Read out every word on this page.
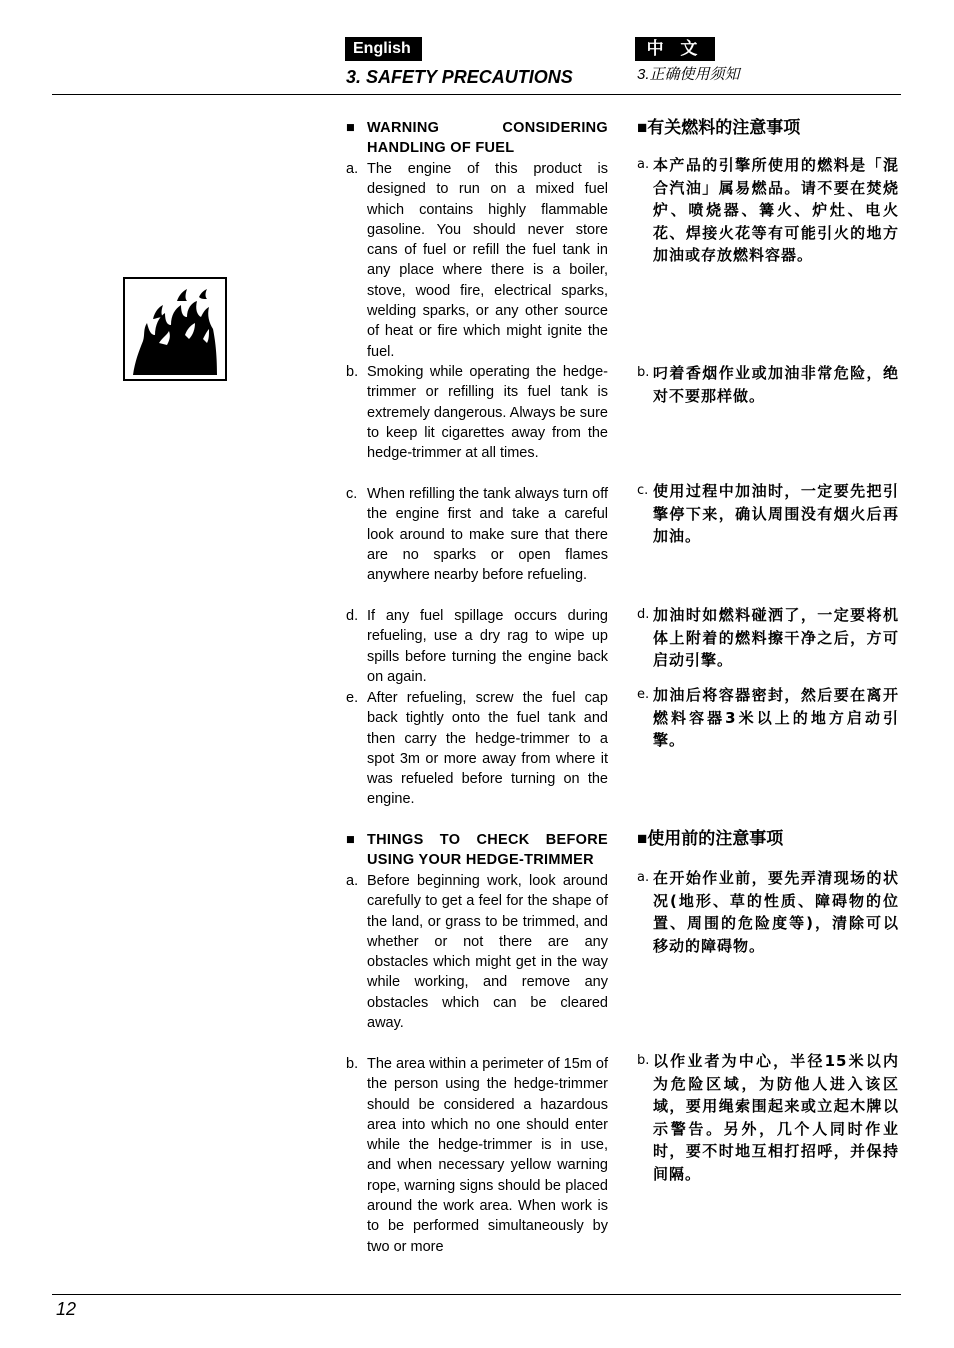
English	中 文
3. SAFETY PRECAUTIONS	3.正确使用须知
■ WARNING CONSIDERING
HANDLING OF FUEL
a. The engine of this product is designed to run on a mixed fuel which contains highly flammable gasoline. You should never store cans of fuel or refill the fuel tank in any place where there is a boiler, stove, wood fire, electrical sparks, welding sparks, or any other source of heat or fire which might ignite the fuel.
b. Smoking while operating the hedge-trimmer or refilling its fuel tank is extremely dangerous. Always be sure to keep lit cigarettes away from the hedge-trimmer at all times.
c. When refilling the tank always turn off the engine first and take a careful look around to make sure that there are no sparks or open flames anywhere nearby before refueling.
d. If any fuel spillage occurs during refueling, use a dry rag to wipe up spills before turning the engine back on again.
e. After refueling, screw the fuel cap back tightly onto the fuel tank and then carry the hedge-trimmer to a spot 3m or more away from where it was refueled before turning on the engine.
■ THINGS TO CHECK BEFORE
USING YOUR HEDGE-TRIMMER
a. Before beginning work, look around carefully to get a feel for the shape of the land, or grass to be trimmed, and whether or not there are any obstacles which might get in the way while working, and remove any obstacles which can be cleared away.
b. The area within a perimeter of 15m of the person using the hedge-trimmer should be considered a hazardous area into which no one should enter while the hedge-trimmer is in use, and when necessary yellow warning rope, warning signs should be placed around the work area. When work is to be performed simultaneously by two or more
■有关燃料的注意事项
a. 本产品的引擎所使用的燃料是「混合汽油」属易燃品。请不要在焚烧炉、喷烧器、篝火、炉灶、电火花、焊接火花等有可能引火的地方加油或存放燃料容器。
b. 叼着香烟作业或加油非常危险，绝对不要那样做。
c. 使用过程中加油时，一定要先把引擎停下来，确认周围没有烟火后再加油。
d. 加油时如燃料碰洒了，一定要将机体上附着的燃料擦干净之后，方可启动引擎。
e. 加油后将容器密封，然后要在离开燃料容器3米以上的地方启动引擎。
■使用前的注意事项
a. 在开始作业前，要先弄清现场的状况(地形、草的性质、障碍物的位置、周围的危险度等)，清除可以移动的障碍物。
b. 以作业者为中心，半径15米以内为危险区域，为防他人进入该区域，要用绳索围起来或立起木牌以示警告。另外，几个人同时作业时，要不时地互相打招呼，并保持间隔。
12
